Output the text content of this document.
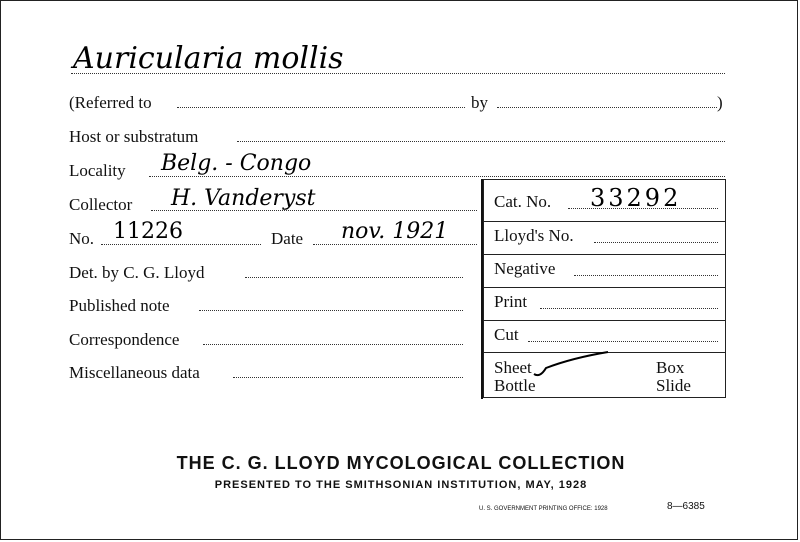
Auricularia mollis
(Referred to	by	)
Host or substratum
Locality Belg. - Congo
Collector H. Vanderyst
No. 11226	Date nov. 1921
Det. by C. G. Lloyd
Published note
Correspondence
Miscellaneous data
Cat. No. 33292
Lloyd's No.
Negative
Print
Cut
Sheet	Box
Bottle	Slide
THE C. G. LLOYD MYCOLOGICAL COLLECTION
PRESENTED TO THE SMITHSONIAN INSTITUTION, MAY, 1928
U. S. GOVERNMENT PRINTING OFFICE: 1928	8—6385
